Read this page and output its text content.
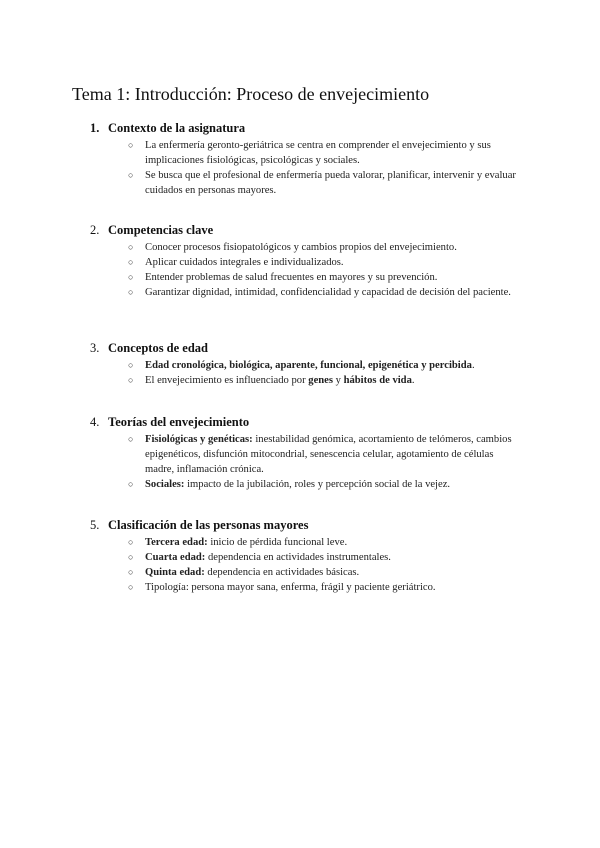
Tema 1: Introducción: Proceso de envejecimiento
1. Contexto de la asignatura
○ La enfermería geronto-geriátrica se centra en comprender el envejecimiento y sus implicaciones fisiológicas, psicológicas y sociales.
○ Se busca que el profesional de enfermería pueda valorar, planificar, intervenir y evaluar cuidados en personas mayores.
2. Competencias clave
○ Conocer procesos fisiopatológicos y cambios propios del envejecimiento.
○ Aplicar cuidados integrales e individualizados.
○ Entender problemas de salud frecuentes en mayores y su prevención.
○ Garantizar dignidad, intimidad, confidencialidad y capacidad de decisión del paciente.
3. Conceptos de edad
○ Edad cronológica, biológica, aparente, funcional, epigenética y percibida.
○ El envejecimiento es influenciado por genes y hábitos de vida.
4. Teorías del envejecimiento
○ Fisiológicas y genéticas: inestabilidad genómica, acortamiento de telómeros, cambios epigenéticos, disfunción mitocondrial, senescencia celular, agotamiento de células madre, inflamación crónica.
○ Sociales: impacto de la jubilación, roles y percepción social de la vejez.
5. Clasificación de las personas mayores
○ Tercera edad: inicio de pérdida funcional leve.
○ Cuarta edad: dependencia en actividades instrumentales.
○ Quinta edad: dependencia en actividades básicas.
○ Tipología: persona mayor sana, enferma, frágil y paciente geriátrico.
